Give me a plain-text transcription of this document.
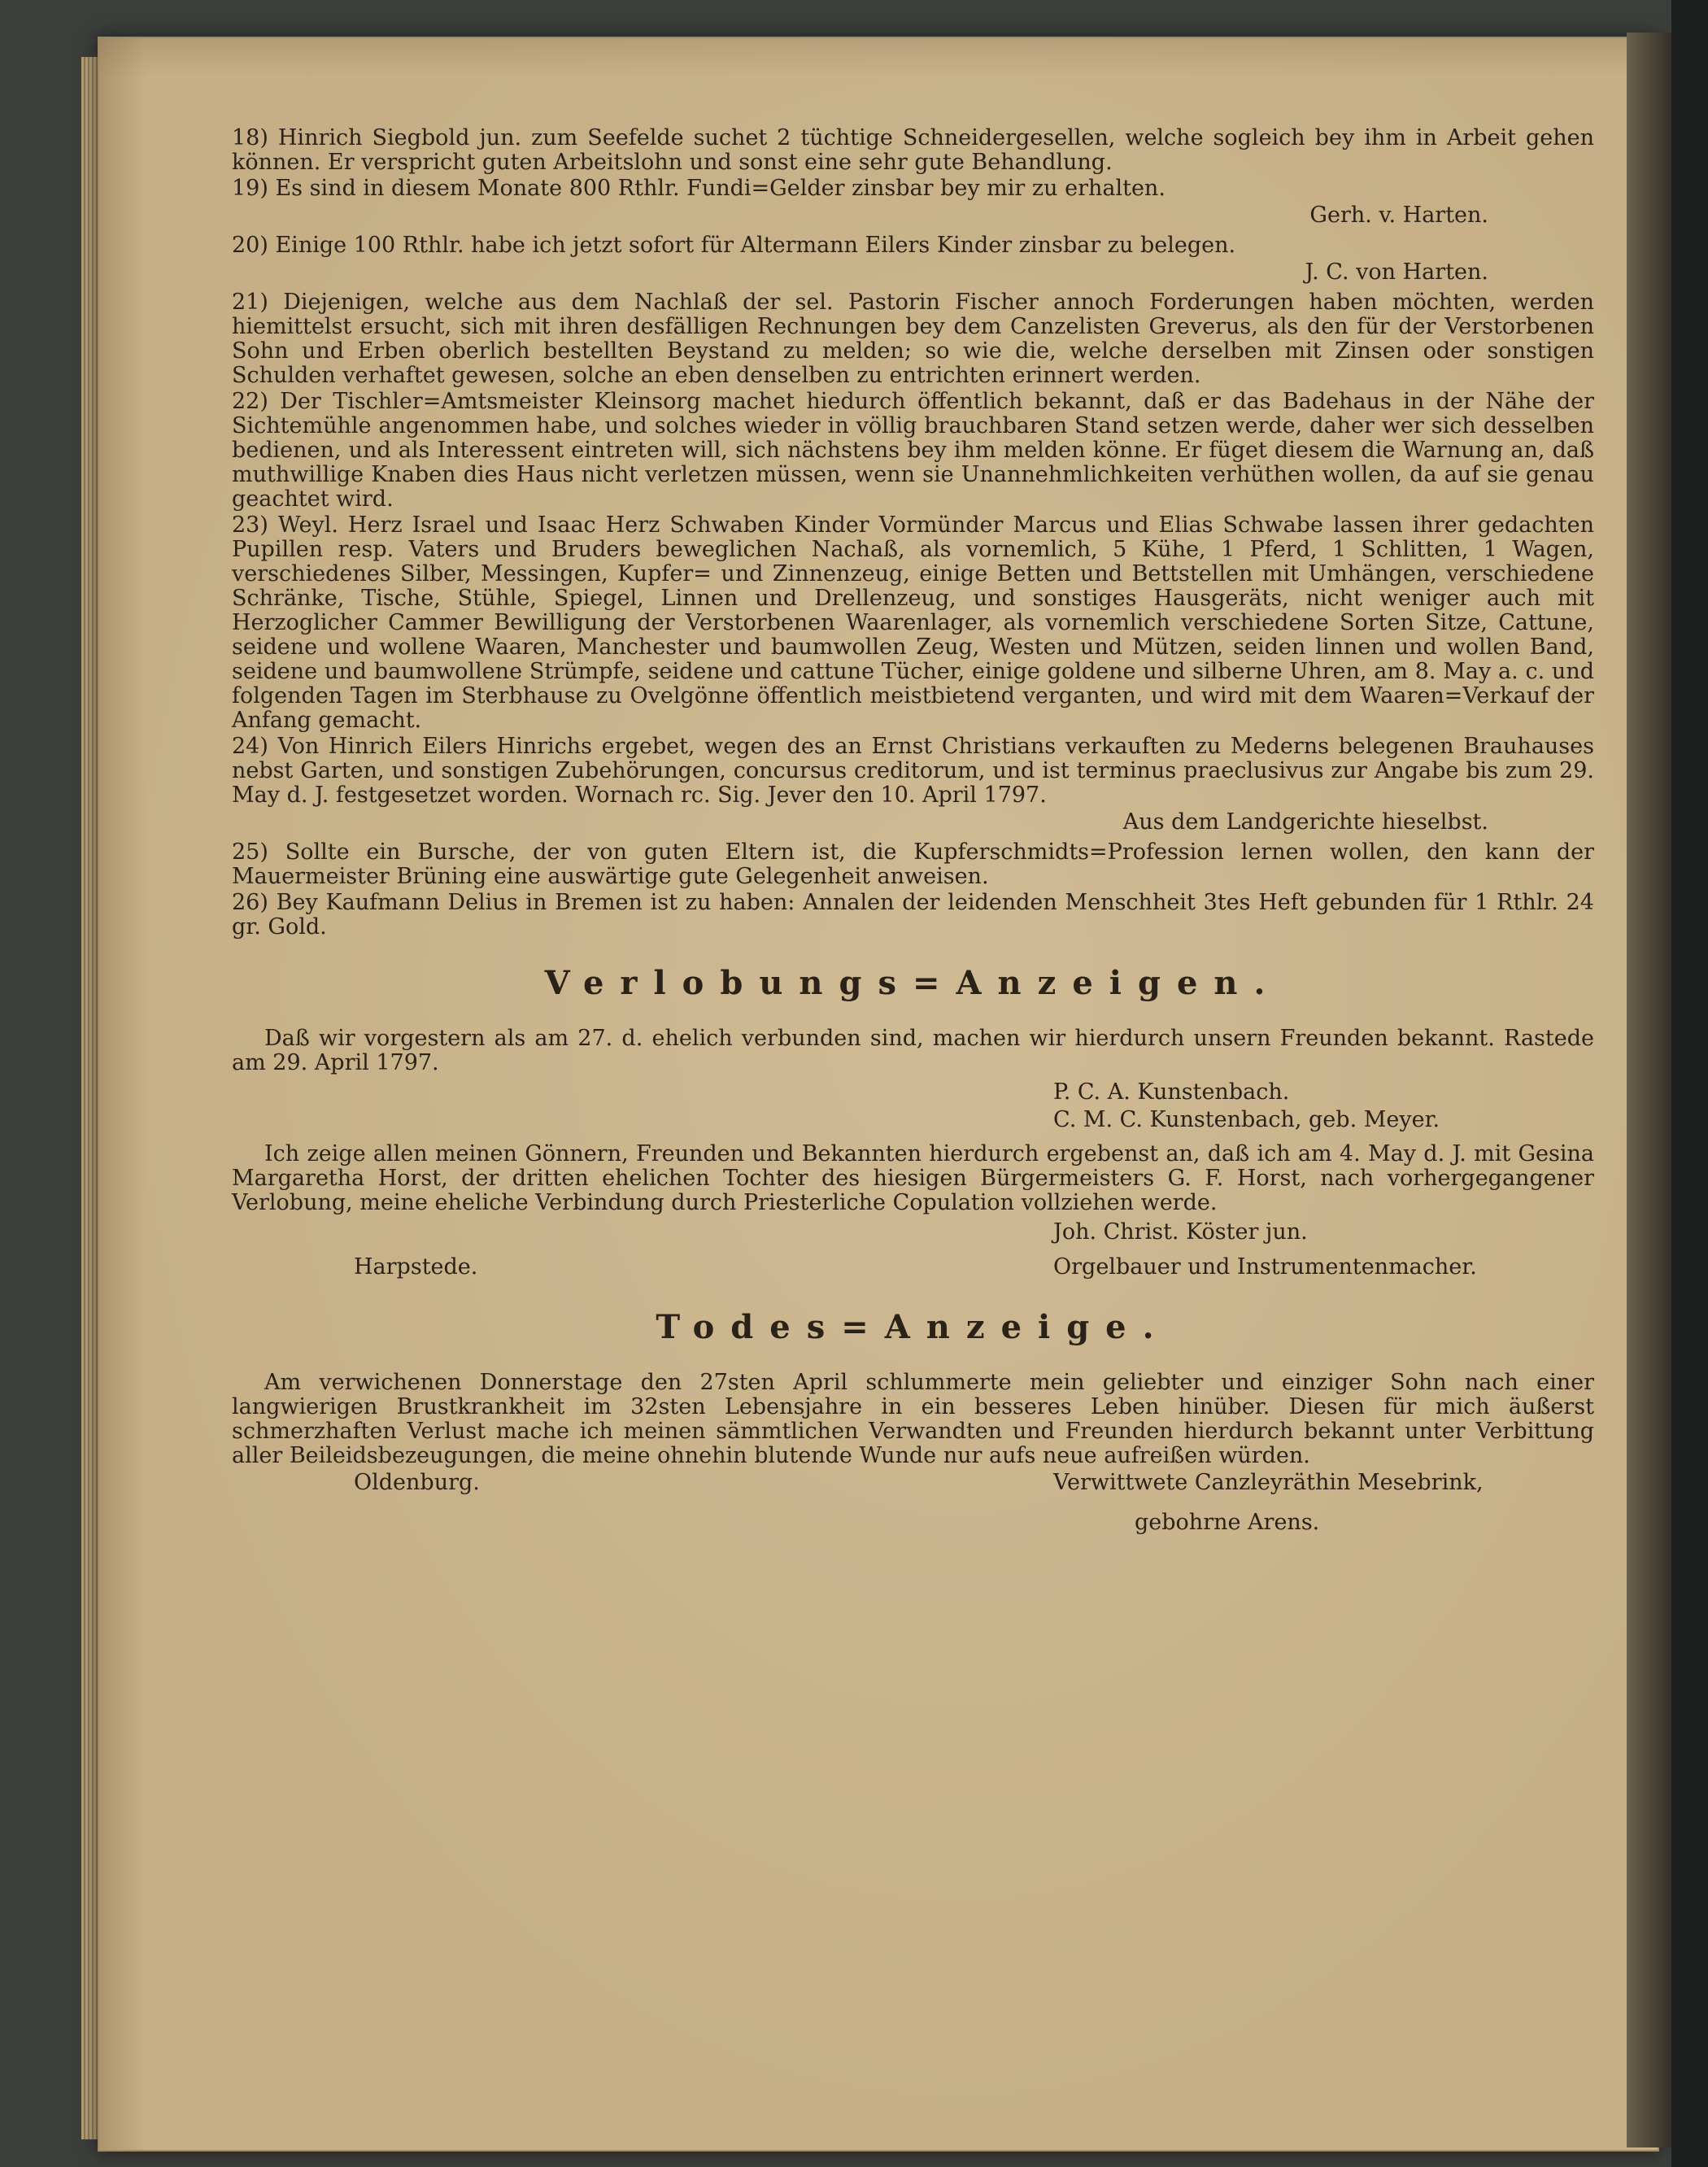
18) Hinrich Siegbold jun. zum Seefelde suchet 2 tüchtige Schneidergesellen, welche sogleich bey ihm in Arbeit gehen können. Er verspricht guten Arbeitslohn und sonst eine sehr gute Behandlung.

19) Es sind in diesem Monate 800 Rthlr. Fundi=Gelder zinsbar bey mir zu erhalten.

Gerh. v. Harten.

20) Einige 100 Rthlr. habe ich jetzt sofort für Altermann Eilers Kinder zinsbar zu belegen.

J. C. von Harten.

21) Diejenigen, welche aus dem Nachlaß der sel. Pastorin Fischer annoch Forderungen haben möchten, werden hiemittelst ersucht, sich mit ihren desfälligen Rechnungen bey dem Canzelisten Greverus, als den für der Verstorbenen Sohn und Erben oberlich bestellten Beystand zu melden; so wie die, welche derselben mit Zinsen oder sonstigen Schulden verhaftet gewesen, solche an eben denselben zu entrichten erinnert werden.

22) Der Tischler=Amtsmeister Kleinsorg machet hiedurch öffentlich bekannt, daß er das Badehaus in der Nähe der Sichtemühle angenommen habe, und solches wieder in völlig brauchbaren Stand setzen werde, daher wer sich desselben bedienen, und als Interessent eintreten will, sich nächstens bey ihm melden könne. Er füget diesem die Warnung an, daß muthwillige Knaben dies Haus nicht verletzen müssen, wenn sie Unannehmlichkeiten verhüthen wollen, da auf sie genau geachtet wird.

23) Weyl. Herz Israel und Isaac Herz Schwaben Kinder Vormünder Marcus und Elias Schwabe lassen ihrer gedachten Pupillen resp. Vaters und Bruders beweglichen Nachaß, als vornemlich, 5 Kühe, 1 Pferd, 1 Schlitten, 1 Wagen, verschiedenes Silber, Messingen, Kupfer= und Zinnenzeug, einige Betten und Bettstellen mit Umhängen, verschiedene Schränke, Tische, Stühle, Spiegel, Linnen und Drellenzeug, und sonstiges Hausgeräts, nicht weniger auch mit Herzoglicher Cammer Bewilligung der Verstorbenen Waarenlager, als vornemlich verschiedene Sorten Sitze, Cattune, seidene und wollene Waaren, Manchester und baumwollen Zeug, Westen und Mützen, seiden linnen und wollen Band, seidene und baumwollene Strümpfe, seidene und cattune Tücher, einige goldene und silberne Uhren, am 8. May a. c. und folgenden Tagen im Sterbhause zu Ovelgönne öffentlich meistbietend verganten, und wird mit dem Waaren=Verkauf der Anfang gemacht.

24) Von Hinrich Eilers Hinrichs ergebet, wegen des an Ernst Christians verkauften zu Mederns belegenen Brauhauses nebst Garten, und sonstigen Zubehörungen, concursus creditorum, und ist terminus praeclusivus zur Angabe bis zum 29. May d. J. festgesetzet worden. Wornach rc. Sig. Jever den 10. April 1797.

Aus dem Landgerichte hieselbst.

25) Sollte ein Bursche, der von guten Eltern ist, die Kupferschmidts=Profession lernen wollen, den kann der Mauermeister Brüning eine auswärtige gute Gelegenheit anweisen.

26) Bey Kaufmann Delius in Bremen ist zu haben: Annalen der leidenden Menschheit 3tes Heft gebunden für 1 Rthlr. 24 gr. Gold.

Verlobungs=Anzeigen.

Daß wir vorgestern als am 27. d. ehelich verbunden sind, machen wir hierdurch unsern Freunden bekannt. Rastede am 29. April 1797.

P. C. A. Kunstenbach.
C. M. C. Kunstenbach, geb. Meyer.

Ich zeige allen meinen Gönnern, Freunden und Bekannten hierdurch ergebenst an, daß ich am 4. May d. J. mit Gesina Margaretha Horst, der dritten ehelichen Tochter des hiesigen Bürgermeisters G. F. Horst, nach vorhergegangener Verlobung, meine eheliche Verbindung durch Priesterliche Copulation vollziehen werde.

Joh. Christ. Köster jun.
Harpstede.	Orgelbauer und Instrumentenmacher.
Todes=Anzeige.

Am verwichenen Donnerstage den 27sten April schlummerte mein geliebter und einziger Sohn nach einer langwierigen Brustkrankheit im 32sten Lebensjahre in ein besseres Leben hinüber. Diesen für mich äußerst schmerzhaften Verlust mache ich meinen sämmtlichen Verwandten und Freunden hierdurch bekannt unter Verbittung aller Beileidsbezeugungen, die meine ohnehin blutende Wunde nur aufs neue aufreißen würden.

Oldenburg.	Verwittwete Canzleyräthin Mesebrink,
gebohrne Arens.
